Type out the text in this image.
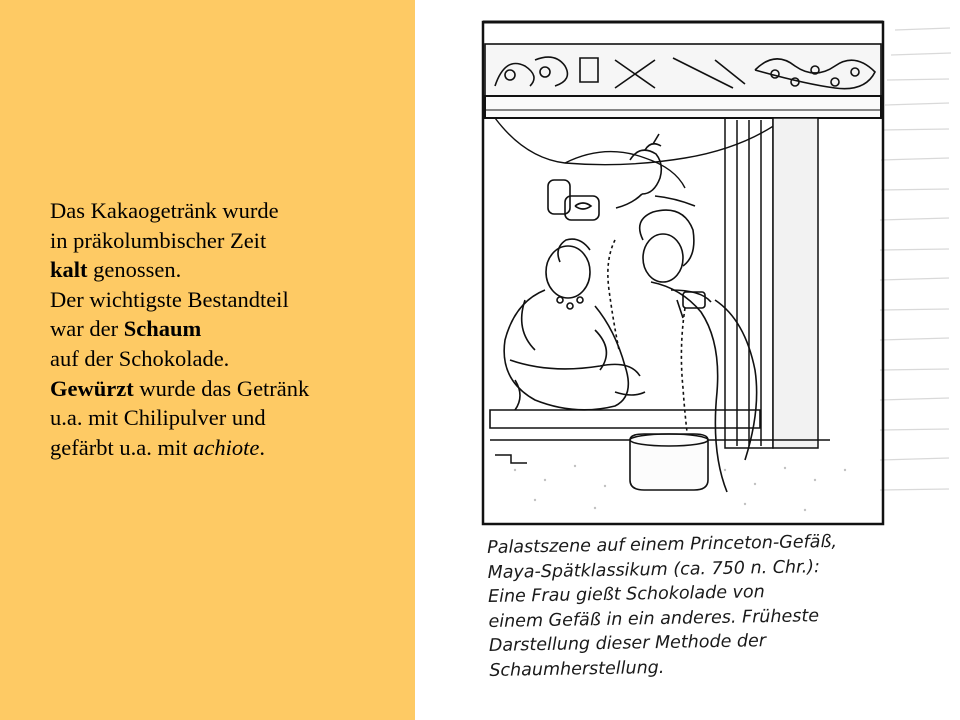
Das Kakaogetränk wurde
in präkolumbischer Zeit
kalt genossen.
Der wichtigste Bestandteil
war der Schaum
auf der Schokolade.
Gewürzt wurde das Getränk
u.a. mit Chilipulver und
gefärbt u.a. mit achiote.
Palastszene auf einem Princeton-Gefäß,
Maya-Spätklassikum (ca. 750 n. Chr.):
Eine Frau gießt Schokolade von
einem Gefäß in ein anderes. Früheste
Darstellung dieser Methode der
Schaumherstellung.
